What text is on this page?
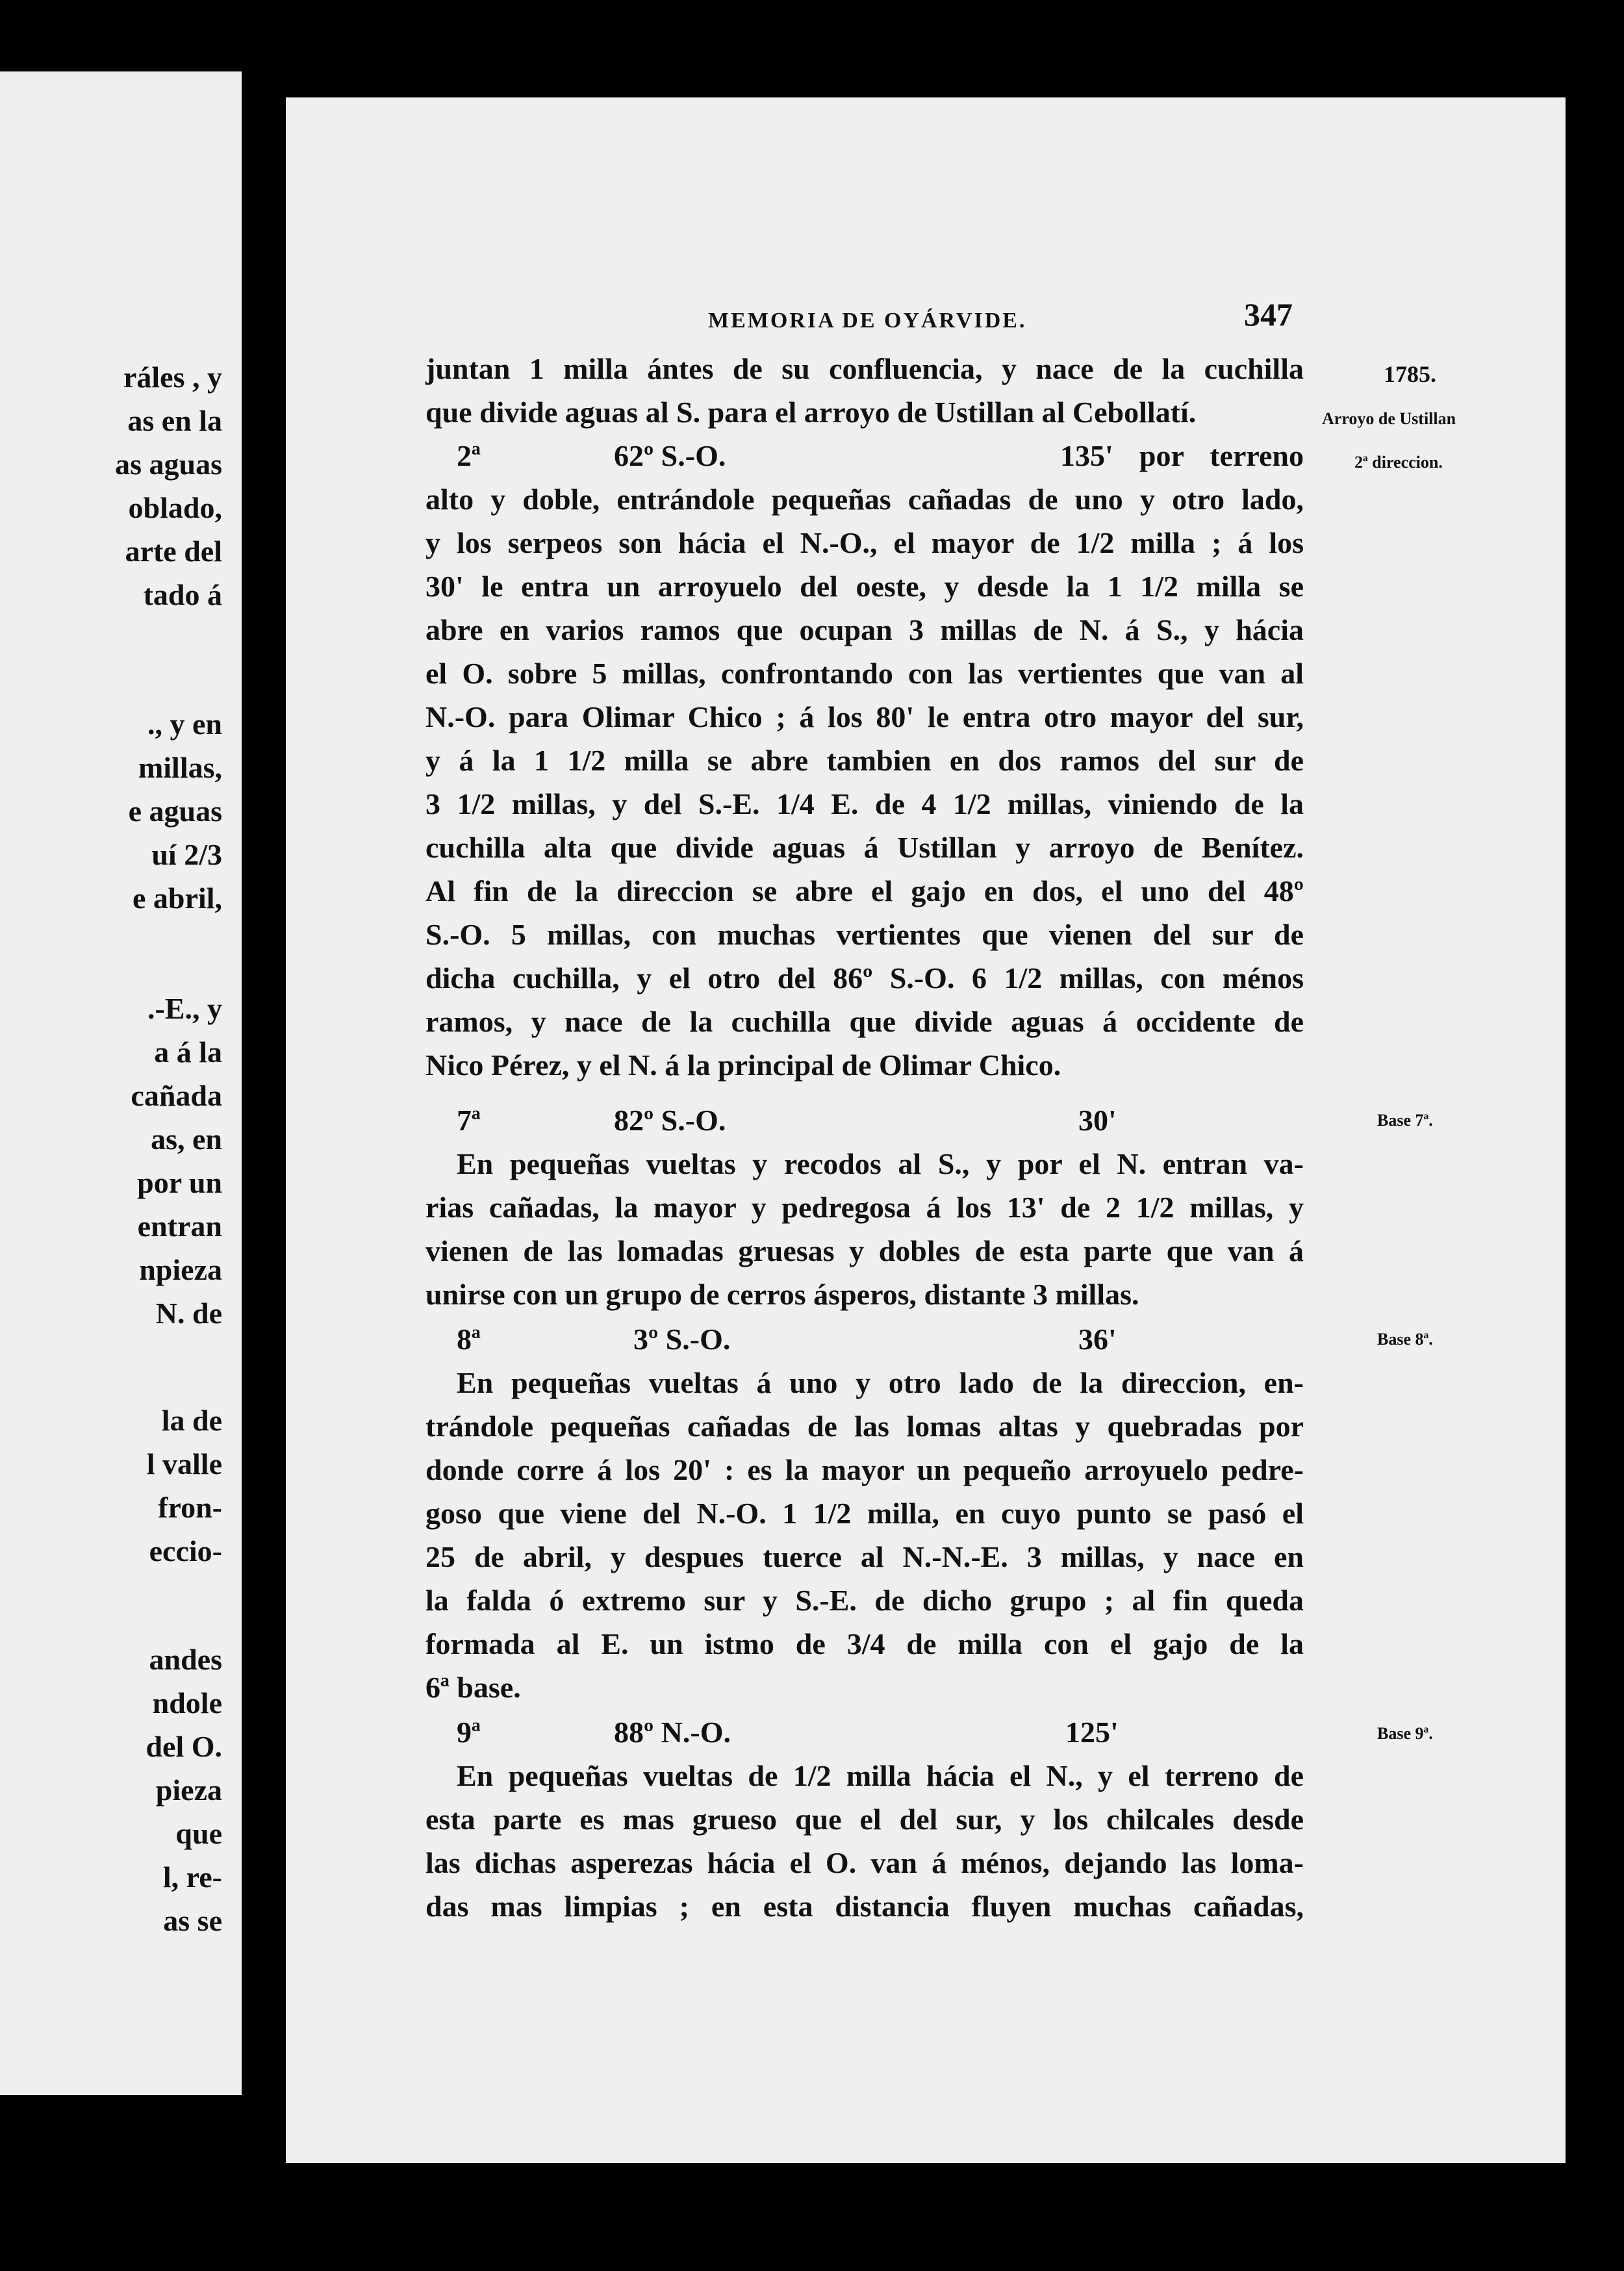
ráles , y
as en la
as aguas
oblado,
arte del
tado á
., y en
millas,
e aguas
uí 2/3
e abril,
.-E., y
a á la
cañada
as, en
por un
entran
npieza
N. de
la de
l valle
fron-
eccio-
andes
ndole
del O.
pieza
que
l, re-
as se
MEMORIA DE OYÁRVIDE.	347
juntan 1 milla ántes de su confluencia, y nace de la cuchilla
que divide aguas al S. para el arroyo de Ustillan al Cebollatí.
2ª	62º S.-O.	135' por terreno
alto y doble, entrándole pequeñas cañadas de uno y otro lado,
y los serpeos son hácia el N.-O., el mayor de 1/2 milla ; á los
30' le entra un arroyuelo del oeste, y desde la 1 1/2 milla se
abre en varios ramos que ocupan 3 millas de N. á S., y hácia
el O. sobre 5 millas, confrontando con las vertientes que van al
N.-O. para Olimar Chico ; á los 80' le entra otro mayor del sur,
y á la 1 1/2 milla se abre tambien en dos ramos del sur de
3 1/2 millas, y del S.-E. 1/4 E. de 4 1/2 millas, viniendo de la
cuchilla alta que divide aguas á Ustillan y arroyo de Benítez.
Al fin de la direccion se abre el gajo en dos, el uno del 48º
S.-O. 5 millas, con muchas vertientes que vienen del sur de
dicha cuchilla, y el otro del 86º S.-O. 6 1/2 millas, con ménos
ramos, y nace de la cuchilla que divide aguas á occidente de
Nico Pérez, y el N. á la principal de Olimar Chico.
7ª	82º S.-O.	30'
En pequeñas vueltas y recodos al S., y por el N. entran va-
rias cañadas, la mayor y pedregosa á los 13' de 2 1/2 millas, y
vienen de las lomadas gruesas y dobles de esta parte que van á
unirse con un grupo de cerros ásperos, distante 3 millas.
8ª	3º S.-O.	36'
En pequeñas vueltas á uno y otro lado de la direccion, en-
trándole pequeñas cañadas de las lomas altas y quebradas por
donde corre á los 20' : es la mayor un pequeño arroyuelo pedre-
goso que viene del N.-O. 1 1/2 milla, en cuyo punto se pasó el
25 de abril, y despues tuerce al N.-N.-E. 3 millas, y nace en
la falda ó extremo sur y S.-E. de dicho grupo ; al fin queda
formada al E. un istmo de 3/4 de milla con el gajo de la
6ª base.
9ª	88º N.-O.	125'
En pequeñas vueltas de 1/2 milla hácia el N., y el terreno de
esta parte es mas grueso que el del sur, y los chilcales desde
las dichas asperezas hácia el O. van á ménos, dejando las loma-
das mas limpias ; en esta distancia fluyen muchas cañadas,
1785.
Arroyo de Ustillan
2ª direccion.
Base 7ª.
Base 8ª.
Base 9ª.
